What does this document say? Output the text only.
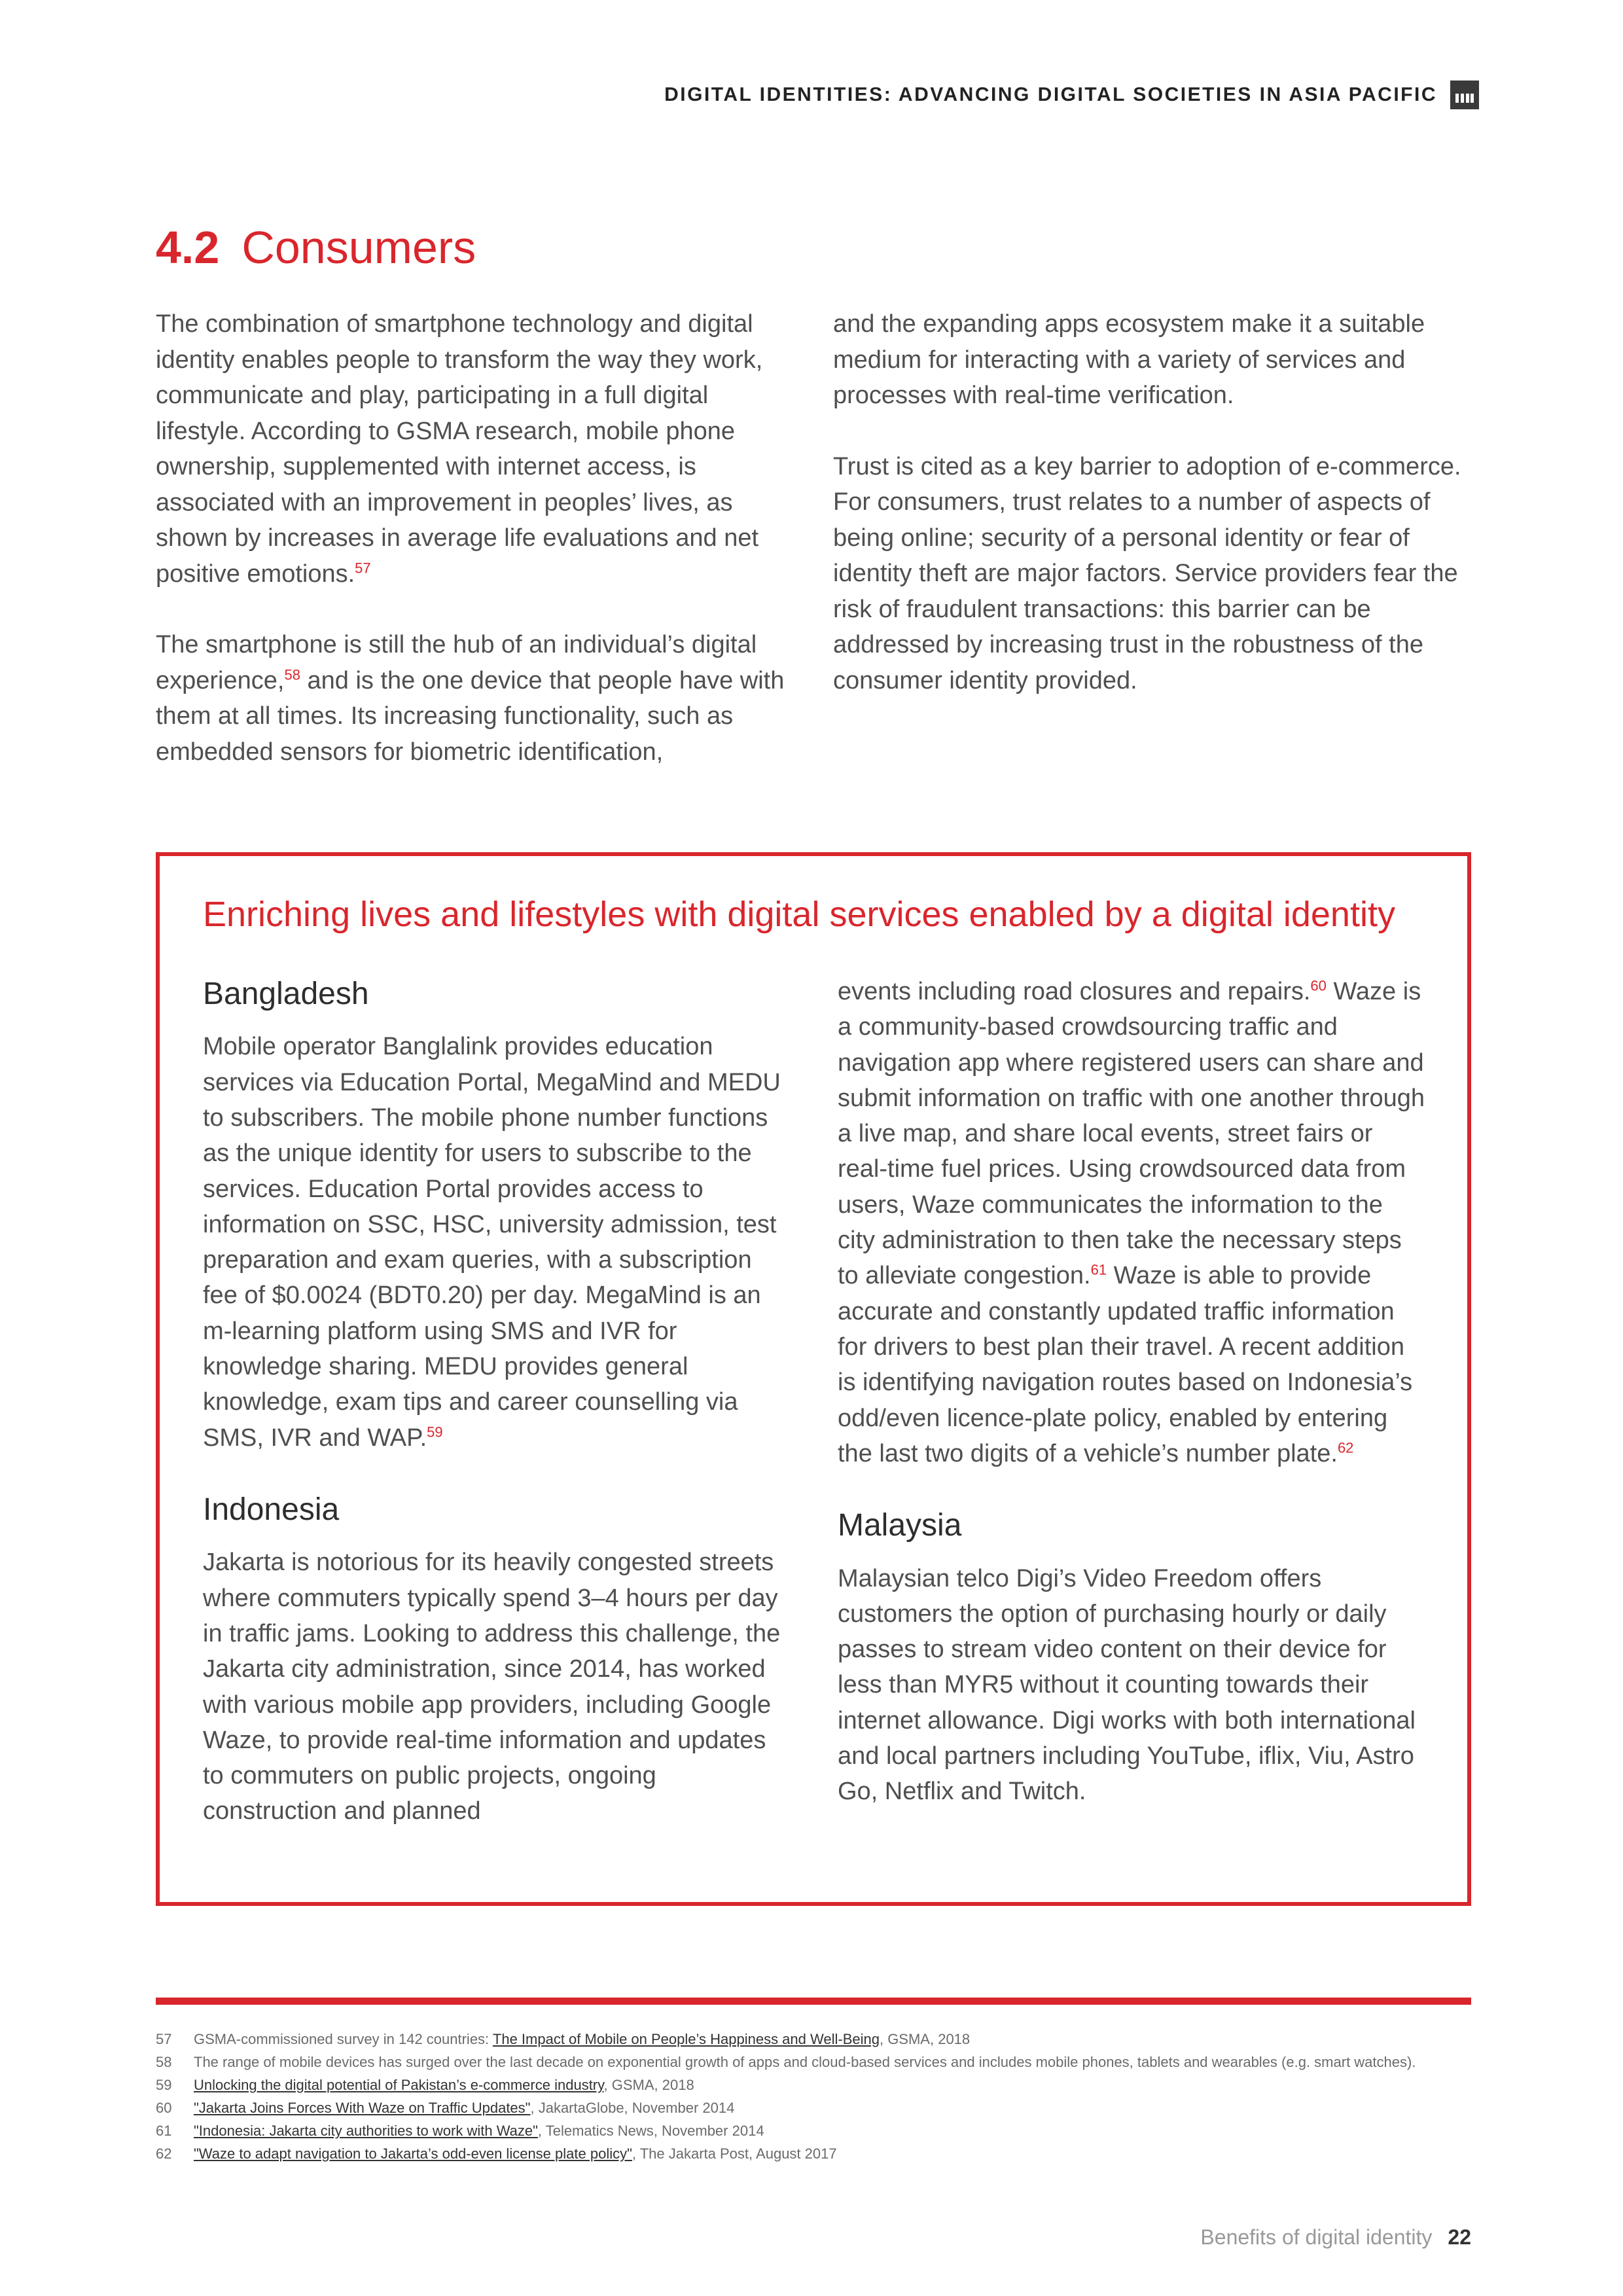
DIGITAL IDENTITIES: ADVANCING DIGITAL SOCIETIES IN ASIA PACIFIC
4.2 Consumers

The combination of smartphone technology and digital identity enables people to transform the way they work, communicate and play, participating in a full digital lifestyle. According to GSMA research, mobile phone ownership, supplemented with internet access, is associated with an improvement in peoples’ lives, as shown by increases in average life evaluations and net positive emotions.$^{57}$

The smartphone is still the hub of an individual’s digital experience,$^{58}$ and is the one device that people have with them at all times. Its increasing functionality, such as embedded sensors for biometric identification,

and the expanding apps ecosystem make it a suitable medium for interacting with a variety of services and processes with real-time verification.

Trust is cited as a key barrier to adoption of e-commerce. For consumers, trust relates to a number of aspects of being online; security of a personal identity or fear of identity theft are major factors. Service providers fear the risk of fraudulent transactions: this barrier can be addressed by increasing trust in the robustness of the consumer identity provided.

Enriching lives and lifestyles with digital services enabled by a digital identity
Bangladesh

Mobile operator Banglalink provides education services via Education Portal, MegaMind and MEDU to subscribers. The mobile phone number functions as the unique identity for users to subscribe to the services. Education Portal provides access to information on SSC, HSC, university admission, test preparation and exam queries, with a subscription fee of $0.0024 (BDT0.20) per day. MegaMind is an m-learning platform using SMS and IVR for knowledge sharing. MEDU provides general knowledge, exam tips and career counselling via SMS, IVR and WAP.$^{59}$

Indonesia

Jakarta is notorious for its heavily congested streets where commuters typically spend 3–4 hours per day in traffic jams. Looking to address this challenge, the Jakarta city administration, since 2014, has worked with various mobile app providers, including Google Waze, to provide real-time information and updates to commuters on public projects, ongoing construction and planned

events including road closures and repairs.$^{60}$ Waze is a community-based crowdsourcing traffic and navigation app where registered users can share and submit information on traffic with one another through a live map, and share local events, street fairs or real-time fuel prices. Using crowdsourced data from users, Waze communicates the information to the city administration to then take the necessary steps to alleviate congestion.$^{61}$ Waze is able to provide accurate and constantly updated traffic information for drivers to best plan their travel. A recent addition is identifying navigation routes based on Indonesia’s odd/even licence-plate policy, enabled by entering the last two digits of a vehicle’s number plate.$^{62}$

Malaysia

Malaysian telco Digi’s Video Freedom offers customers the option of purchasing hourly or daily passes to stream video content on their device for less than MYR5 without it counting towards their internet allowance. Digi works with both international and local partners including YouTube, iflix, Viu, Astro Go, Netflix and Twitch.

57	GSMA-commissioned survey in 142 countries: The Impact of Mobile on People’s Happiness and Well-Being, GSMA, 2018
58	The range of mobile devices has surged over the last decade on exponential growth of apps and cloud-based services and includes mobile phones, tablets and wearables (e.g. smart watches).
59	Unlocking the digital potential of Pakistan’s e-commerce industry, GSMA, 2018
60	"Jakarta Joins Forces With Waze on Traffic Updates", JakartaGlobe, November 2014
61	"Indonesia: Jakarta city authorities to work with Waze", Telematics News, November 2014
62	"Waze to adapt navigation to Jakarta’s odd-even license plate policy", The Jakarta Post, August 2017
Benefits of digital identity 22
